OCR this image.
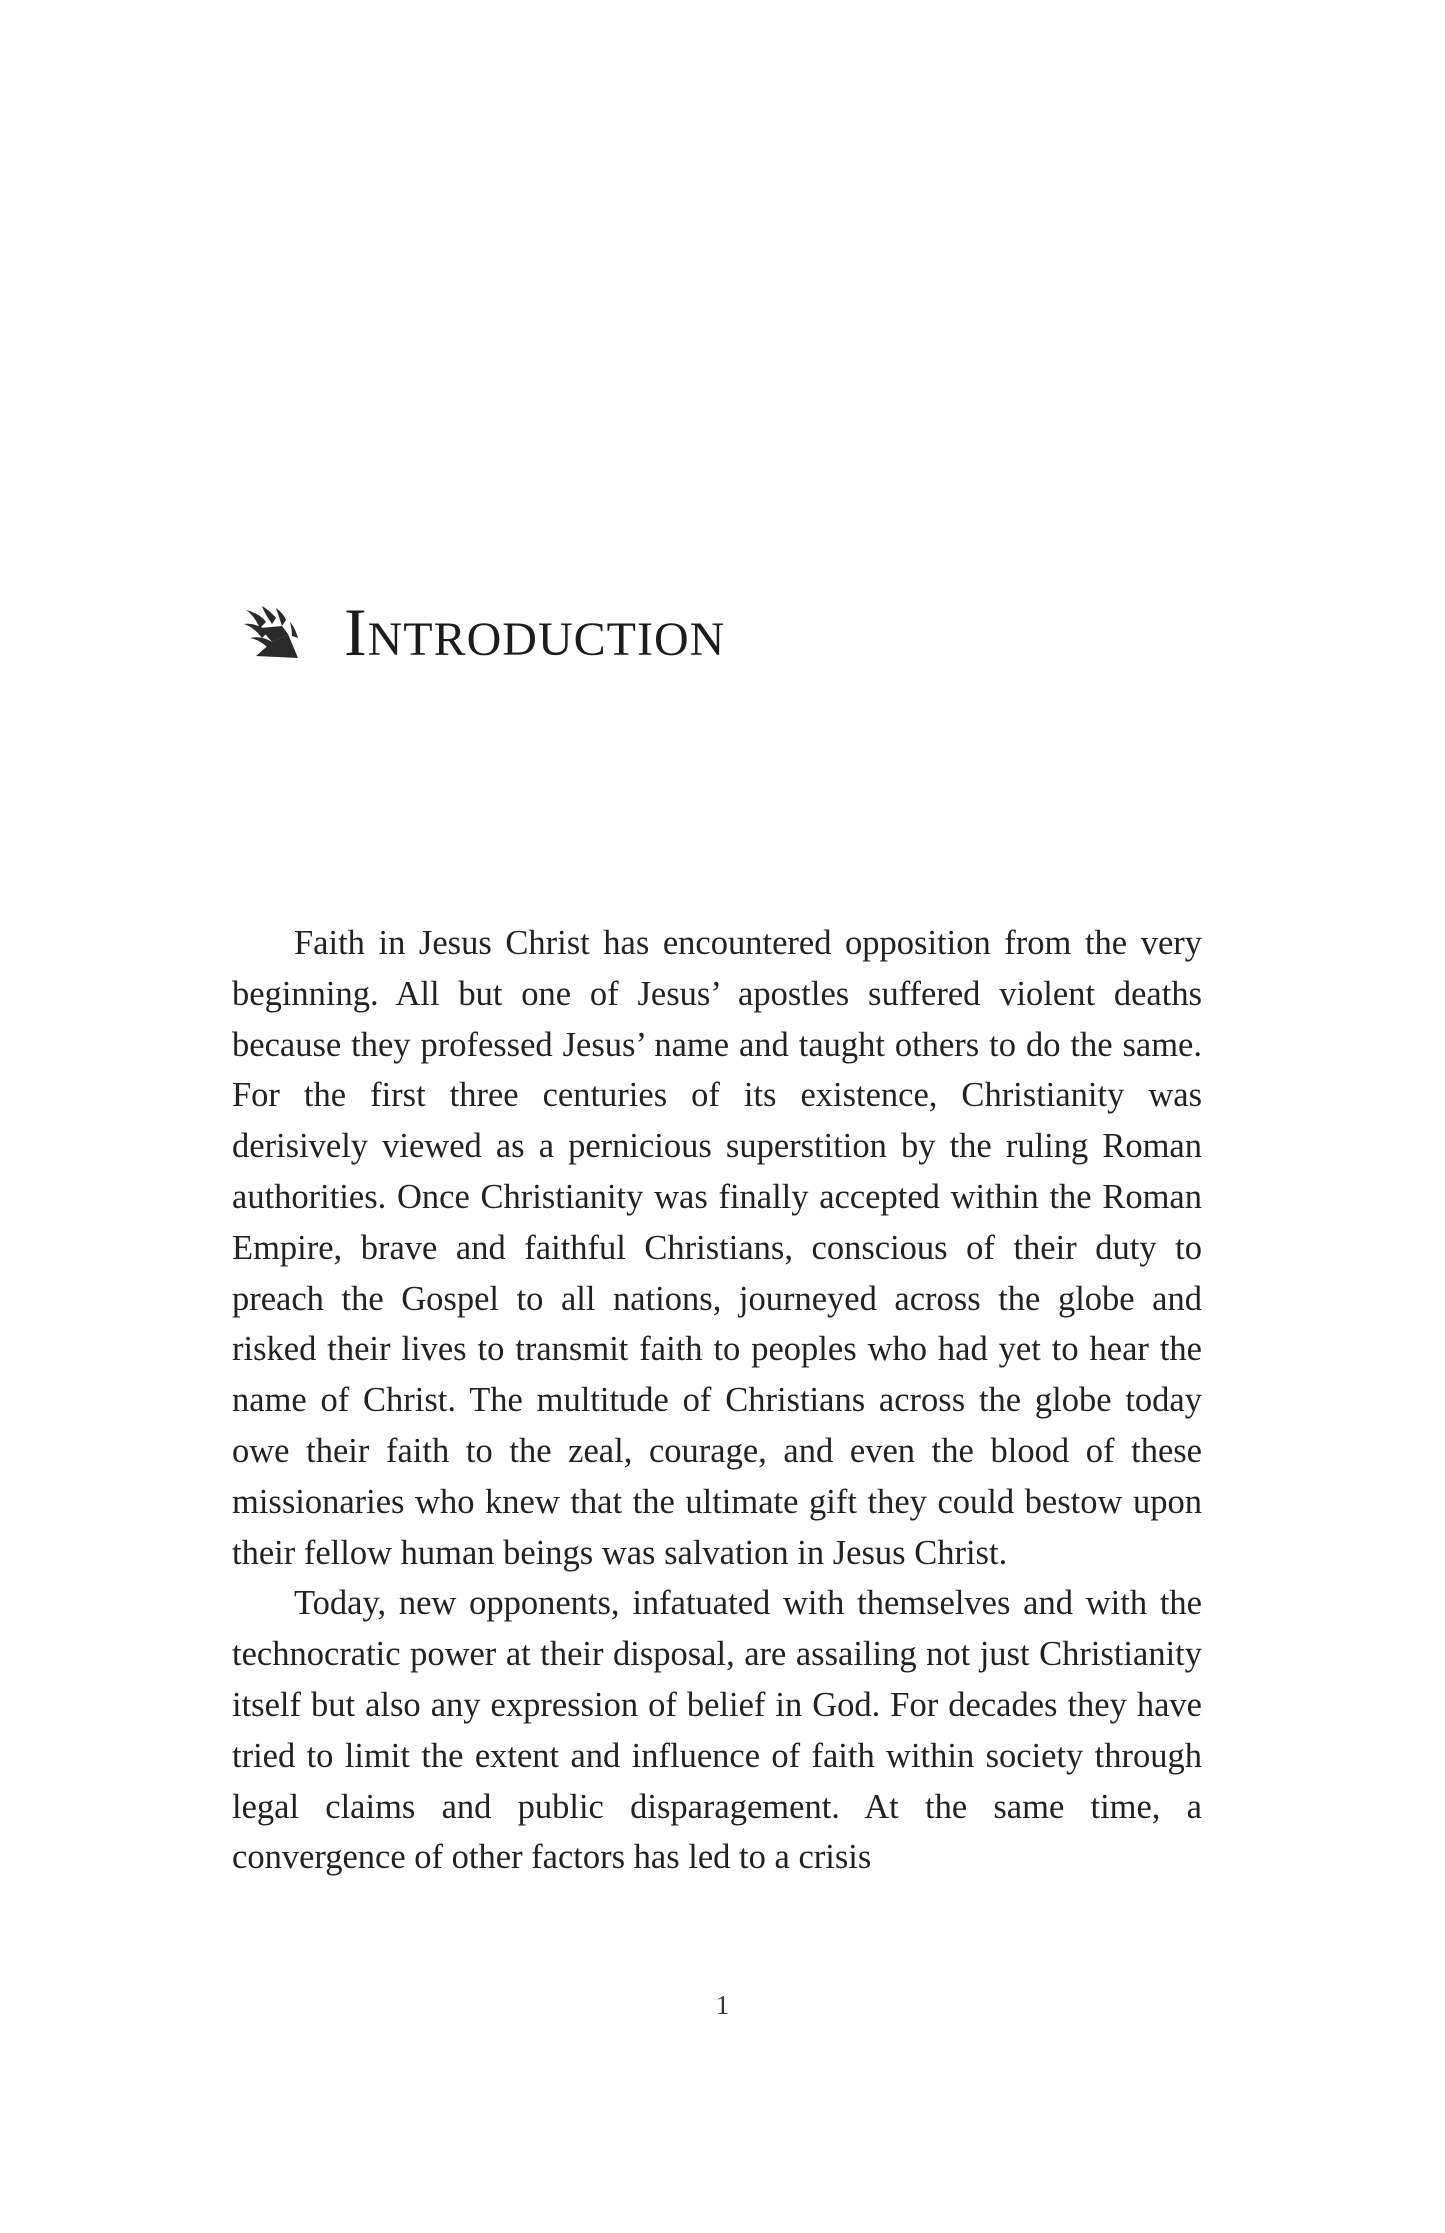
Introduction

Faith in Jesus Christ has encountered opposition from the very beginning. All but one of Jesus’ apostles suffered violent deaths because they professed Jesus’ name and taught others to do the same. For the first three centuries of its existence, Christianity was derisively viewed as a pernicious superstition by the ruling Roman authorities. Once Christianity was finally accepted within the Roman Empire, brave and faithful Christians, conscious of their duty to preach the Gospel to all nations, journeyed across the globe and risked their lives to transmit faith to peoples who had yet to hear the name of Christ. The multitude of Christians across the globe today owe their faith to the zeal, courage, and even the blood of these missionaries who knew that the ultimate gift they could bestow upon their fellow human beings was salvation in Jesus Christ.

Today, new opponents, infatuated with themselves and with the technocratic power at their disposal, are assailing not just Christianity itself but also any expression of belief in God. For decades they have tried to limit the extent and influence of faith within society through legal claims and public disparagement. At the same time, a convergence of other factors has led to a crisis

1
